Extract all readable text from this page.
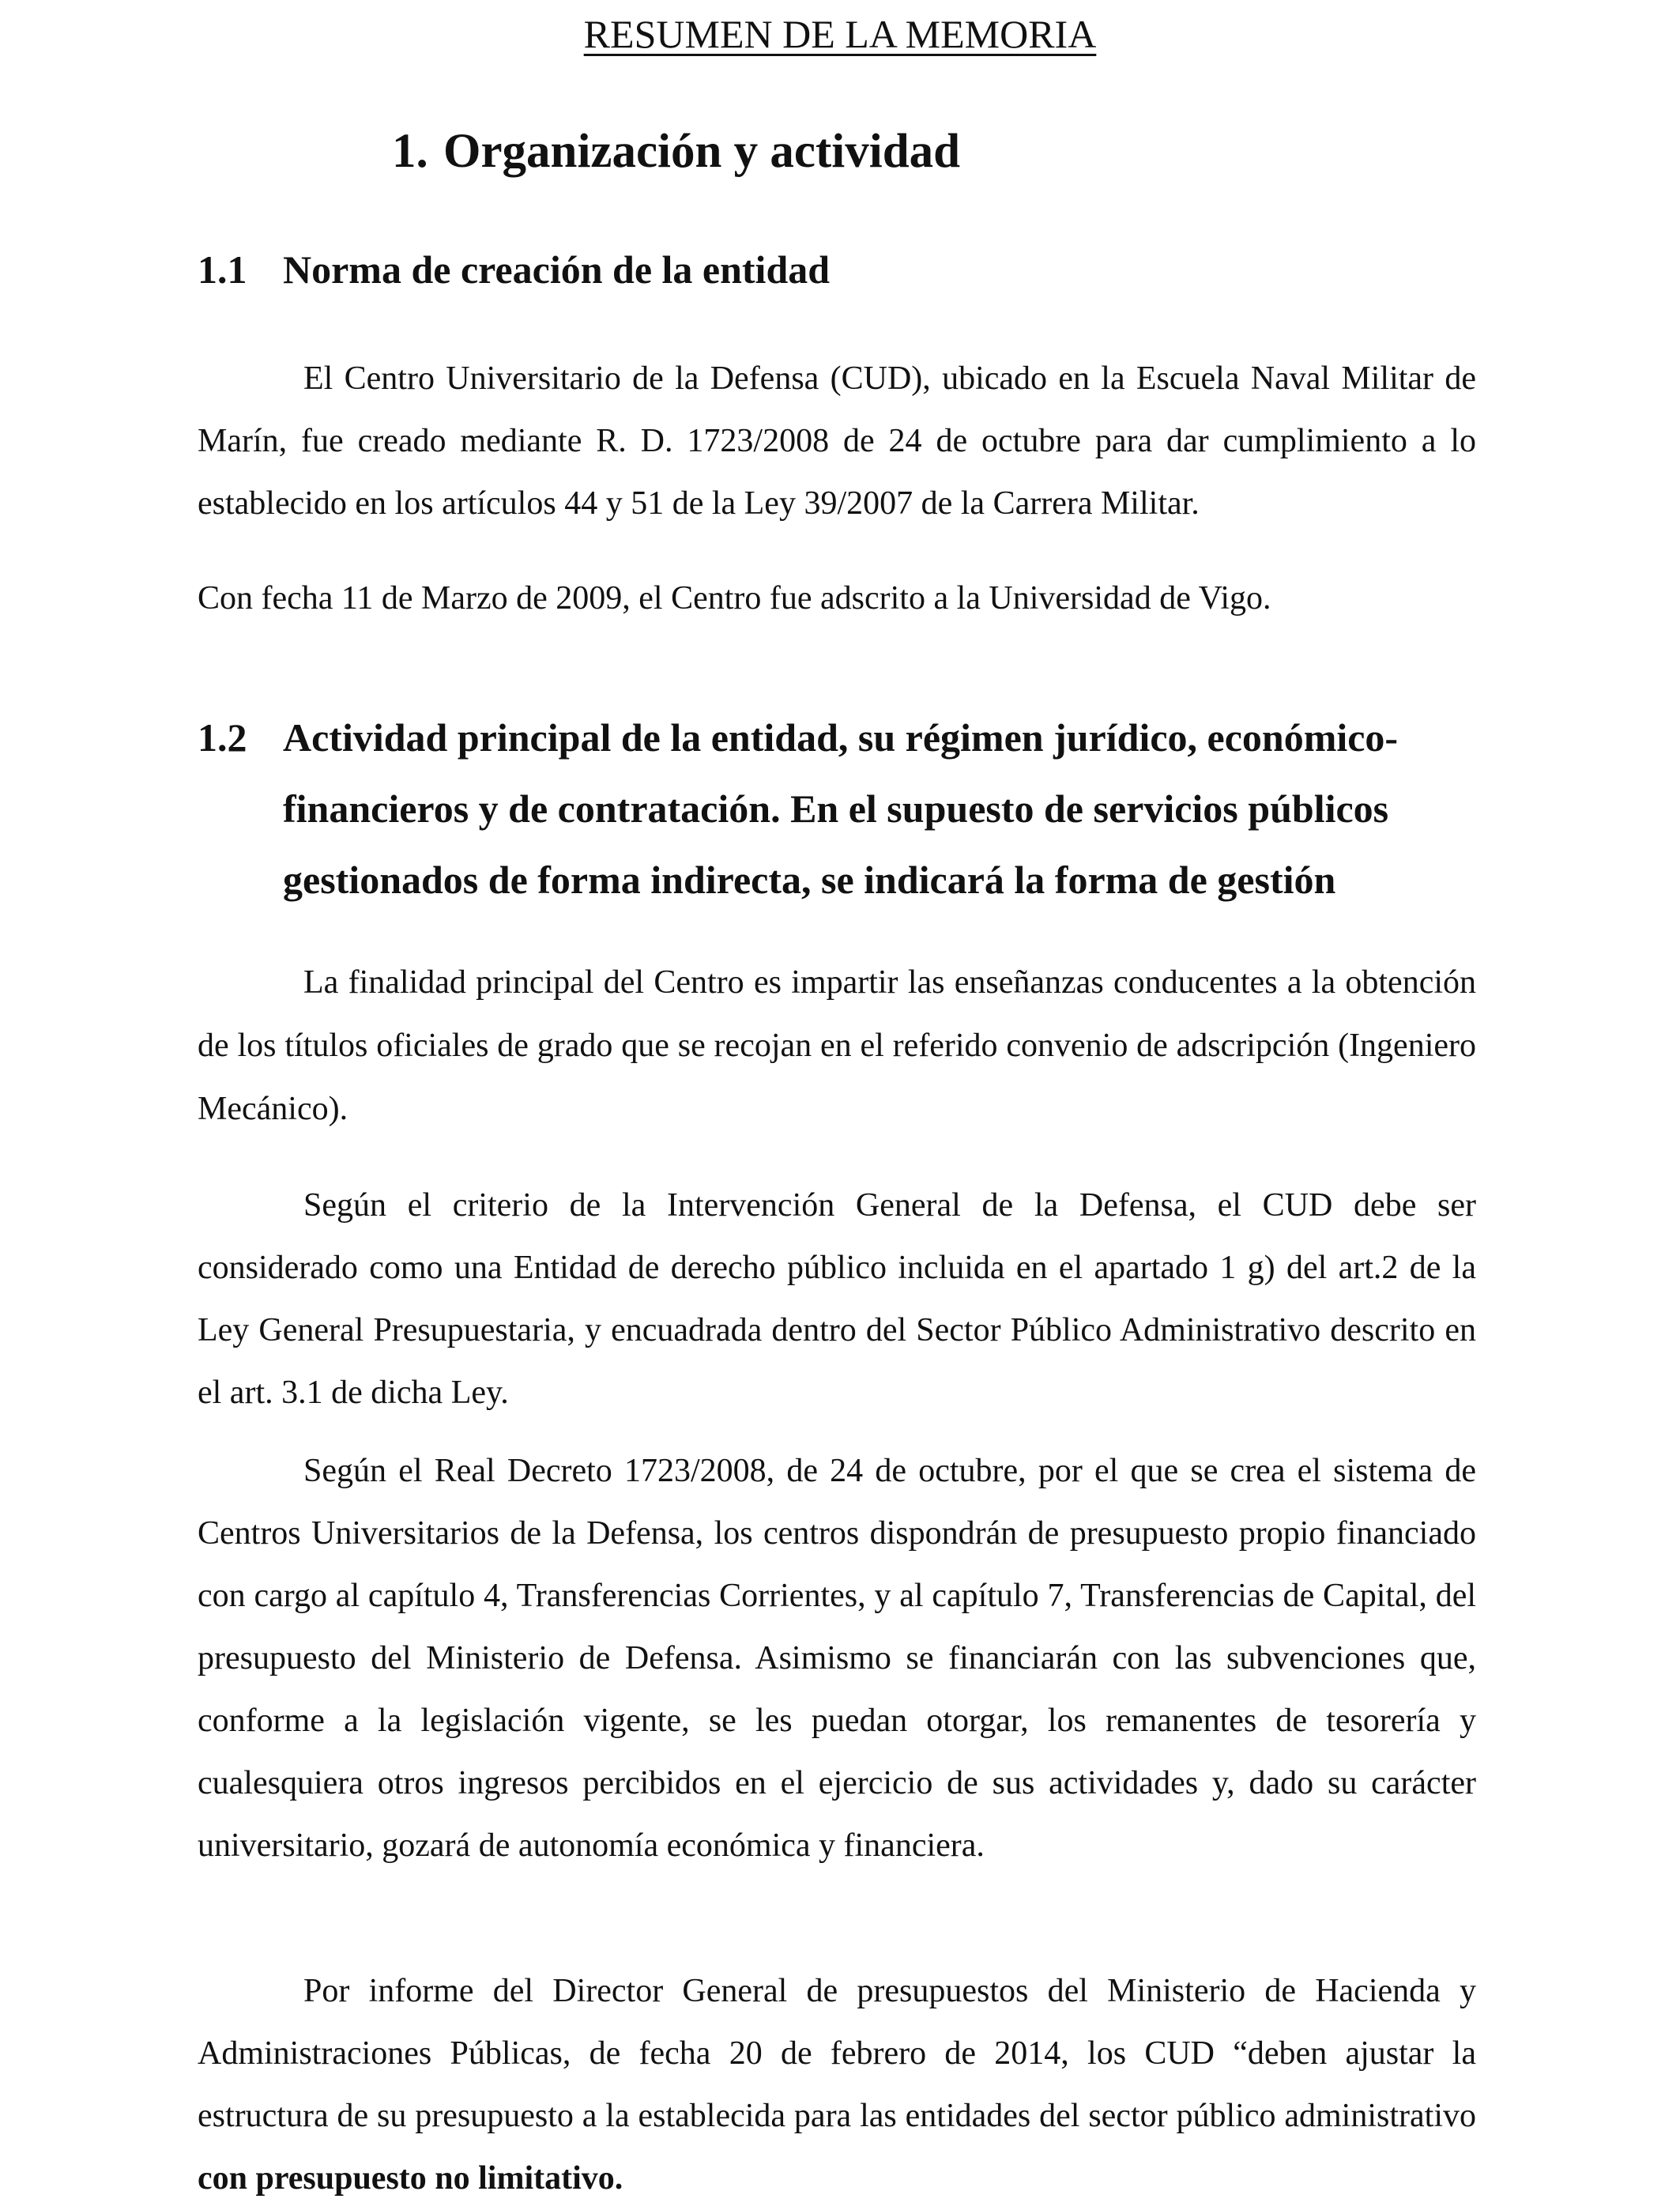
RESUMEN DE LA MEMORIA
1. Organización y actividad
1.1 Norma de creación de la entidad

El Centro Universitario de la Defensa (CUD), ubicado en la Escuela Naval Militar de Marín, fue creado mediante R. D. 1723/2008 de 24 de octubre para dar cumplimiento a lo establecido en los artículos 44 y 51 de la Ley 39/2007 de la Carrera Militar.

Con fecha 11 de Marzo de 2009, el Centro fue adscrito a la Universidad de Vigo.

1.2 Actividad principal de la entidad, su régimen jurídico, económico-financieros y de contratación. En el supuesto de servicios públicos gestionados de forma indirecta, se indicará la forma de gestión

La finalidad principal del Centro es impartir las enseñanzas conducentes a la obtención de los títulos oficiales de grado que se recojan en el referido convenio de adscripción (Ingeniero Mecánico).

Según el criterio de la Intervención General de la Defensa, el CUD debe ser considerado como una Entidad de derecho público incluida en el apartado 1 g) del art.2 de la Ley General Presupuestaria, y encuadrada dentro del Sector Público Administrativo descrito en el art. 3.1 de dicha Ley.

Según el Real Decreto 1723/2008, de 24 de octubre, por el que se crea el sistema de Centros Universitarios de la Defensa, los centros dispondrán de presupuesto propio financiado con cargo al capítulo 4, Transferencias Corrientes, y al capítulo 7, Transferencias de Capital, del presupuesto del Ministerio de Defensa. Asimismo se financiarán con las subvenciones que, conforme a la legislación vigente, se les puedan otorgar, los remanentes de tesorería y cualesquiera otros ingresos percibidos en el ejercicio de sus actividades y, dado su carácter universitario, gozará de autonomía económica y financiera.

Por informe del Director General de presupuestos del Ministerio de Hacienda y Administraciones Públicas, de fecha 20 de febrero de 2014, los CUD “deben ajustar la estructura de su presupuesto a la establecida para las entidades del sector público administrativo con presupuesto no limitativo.
